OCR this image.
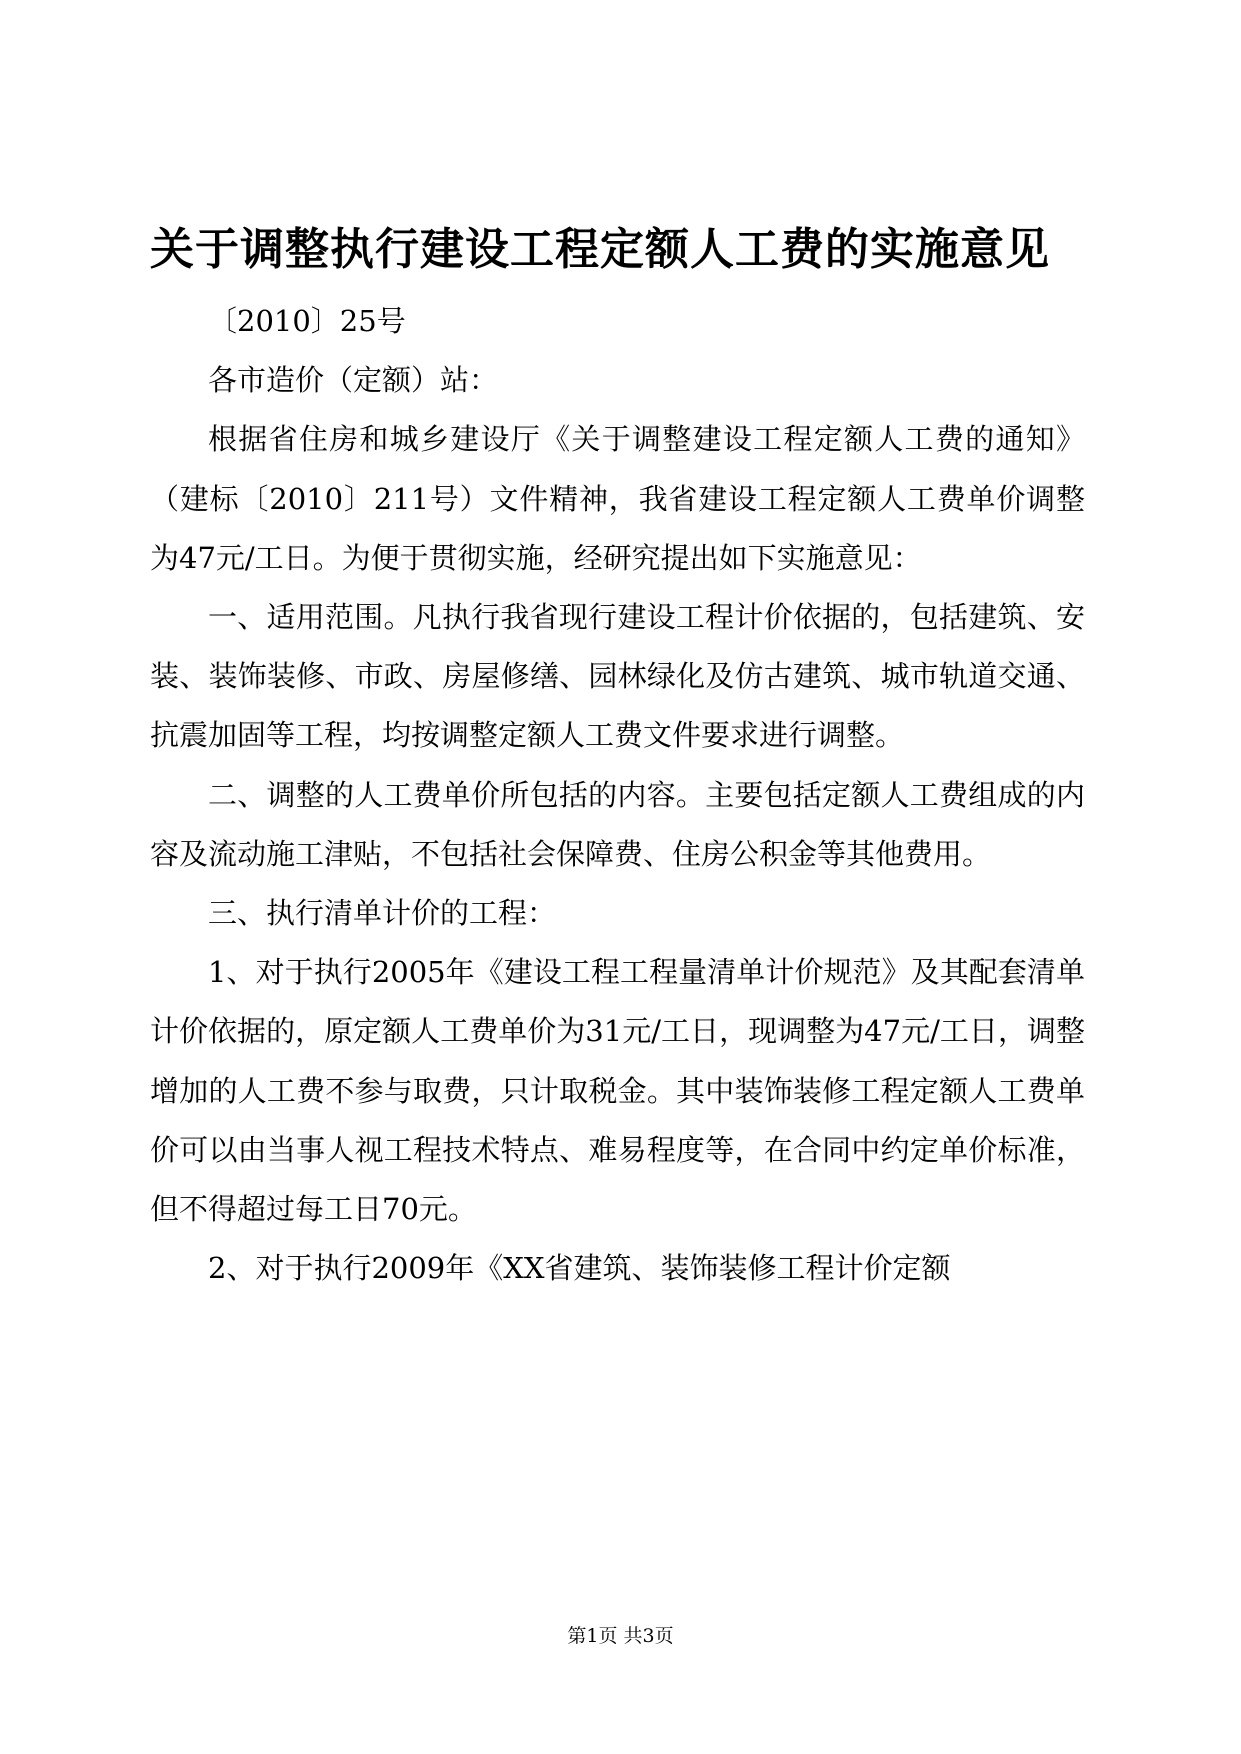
关于调整执行建设工程定额人工费的实施意见

〔2010〕25号

各市造价（定额）站：

根据省住房和城乡建设厅《关于调整建设工程定额人工费的通知》（建标〔2010〕211号）文件精神，我省建设工程定额人工费单价调整为47元/工日。为便于贯彻实施，经研究提出如下实施意见：

一、适用范围。凡执行我省现行建设工程计价依据的，包括建筑、安装、装饰装修、市政、房屋修缮、园林绿化及仿古建筑、城市轨道交通、抗震加固等工程，均按调整定额人工费文件要求进行调整。

二、调整的人工费单价所包括的内容。主要包括定额人工费组成的内容及流动施工津贴，不包括社会保障费、住房公积金等其他费用。

三、执行清单计价的工程：

1、对于执行2005年《建设工程工程量清单计价规范》及其配套清单计价依据的，原定额人工费单价为31元/工日，现调整为47元/工日，调整增加的人工费不参与取费，只计取税金。其中装饰装修工程定额人工费单价可以由当事人视工程技术特点、难易程度等，在合同中约定单价标准，但不得超过每工日70元。

2、对于执行2009年《XX省建筑、装饰装修工程计价定额

第1页 共3页
